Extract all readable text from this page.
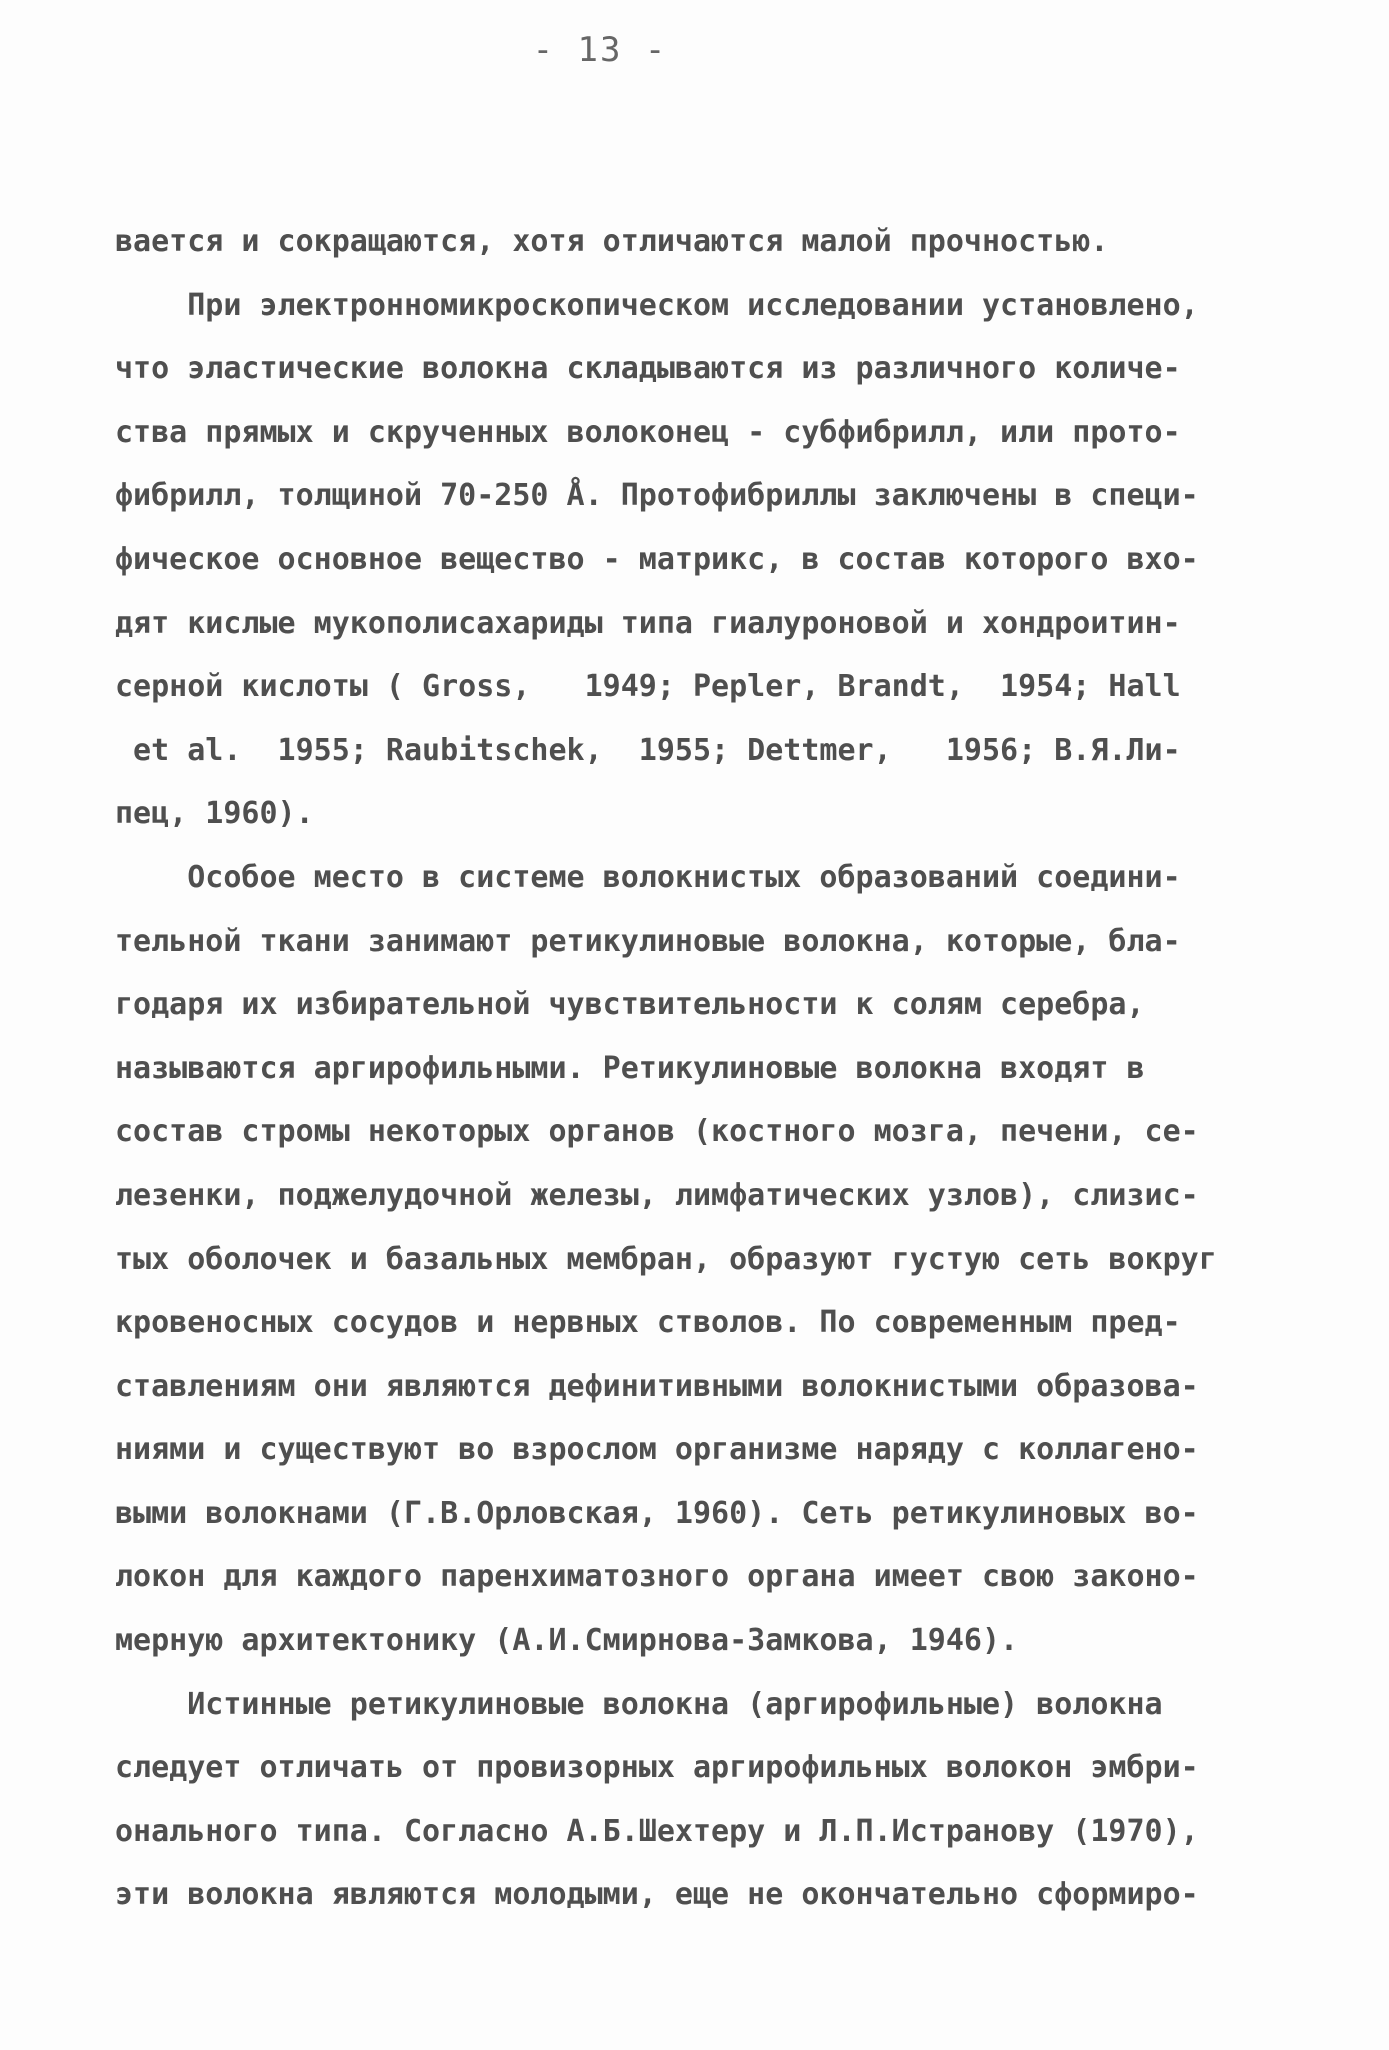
- 13 -
вается и сокращаются, хотя отличаются малой прочностью.
При электронномикроскопическом исследовании установлено,
что эластические волокна складываются из различного количе-
ства прямых и скрученных волоконец - субфибрилл, или прото-
фибрилл, толщиной 70-250 Å. Протофибриллы заключены в специ-
фическое основное вещество - матрикс, в состав которого вхо-
дят кислые мукополисахариды типа гиалуроновой и хондроитин-
серной кислоты ( Gross,   1949; Pepler, Brandt,  1954; Hall
et al.  1955; Raubitschek,  1955; Dettmer,   1956; В.Я.Ли-
пец, 1960).
Особое место в системе волокнистых образований соедини-
тельной ткани занимают ретикулиновые волокна, которые, бла-
годаря их избирательной чувствительности к солям серебра,
называются аргирофильными. Ретикулиновые волокна входят в
состав стромы некоторых органов (костного мозга, печени, се-
лезенки, поджелудочной железы, лимфатических узлов), слизис-
тых оболочек и базальных мембран, образуют густую сеть вокруг
кровеносных сосудов и нервных стволов. По современным пред-
ставлениям они являются дефинитивными волокнистыми образова-
ниями и существуют во взрослом организме наряду с коллагено-
выми волокнами (Г.В.Орловская, 1960). Сеть ретикулиновых во-
локон для каждого паренхиматозного органа имеет свою законо-
мерную архитектонику (А.И.Смирнова-Замкова, 1946).
Истинные ретикулиновые волокна (аргирофильные) волокна
следует отличать от провизорных аргирофильных волокон эмбри-
онального типа. Согласно А.Б.Шехтеру и Л.П.Истранову (1970),
эти волокна являются молодыми, еще не окончательно сформиро-
